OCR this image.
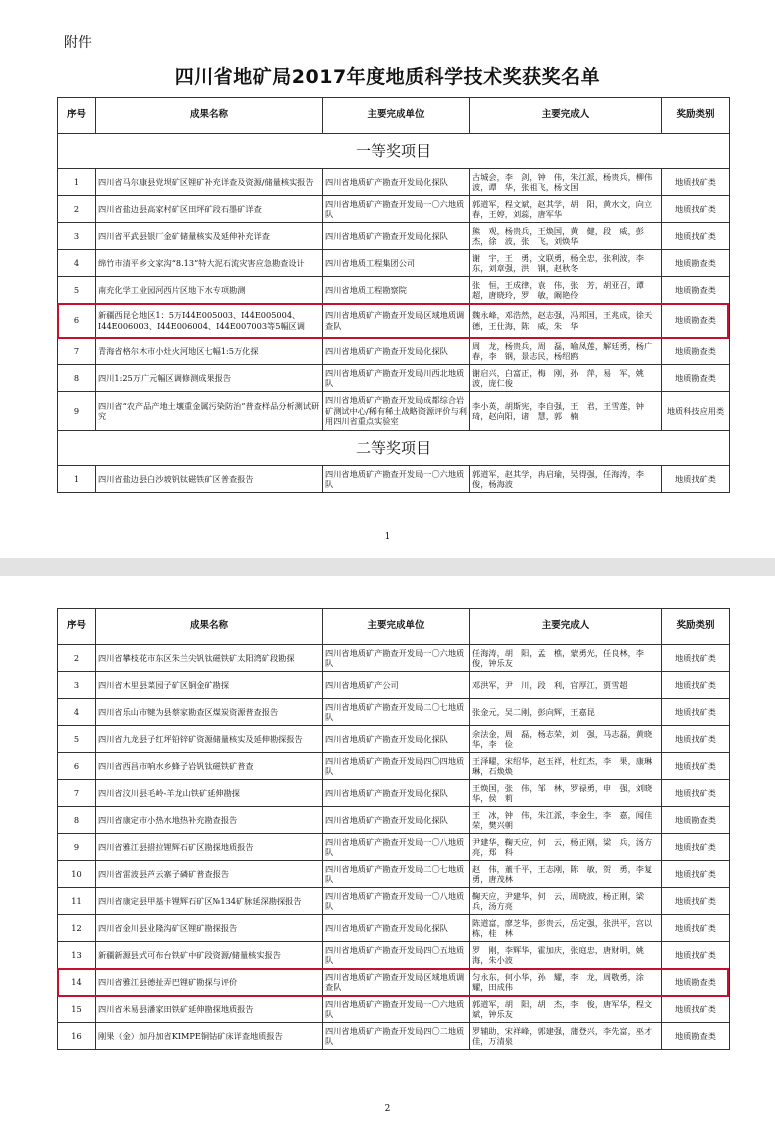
附件
四川省地矿局2017年度地质科学技术奖获奖名单
序号	成果名称	主要完成单位	主要完成人	奖励类别
一等奖项目				
1	四川省马尔康县党坝矿区锂矿补充详查及资源/储量核实报告	四川省地质矿产勘查开发局化探队	古城会，李　剑，钟　伟，朱江派，杨贵兵，柳伟波，谭　华，张祖飞，杨文国	地质找矿类
2	四川省盐边县高家村矿区田坪矿段石墨矿详查	四川省地质矿产勘查开发局一〇六地质队	郭道军，程文斌，赵其学，胡　阳，黄水文，向立春，王婷，刘蕊，唐军华	地质找矿类
3	四川省平武县银厂金矿储量核实及延伸补充详查	四川省地质矿产勘查开发局化探队	熊　观，杨贵兵，王焕国，黄　健，段　威，彭　杰，徐　波，张　飞，刘焕华	地质找矿类
4	绵竹市清平乡文家沟“8.13”特大泥石流灾害应急勘查设计	四川省地质工程集团公司	谢　宇，王　勇，文联勇，杨全忠，张利波，李　东，刘章强，洪　钢，赵秋冬	地质勘查类
5	南充化学工业园河西片区地下水专项勘测	四川省地质工程勘察院	张　恒，王成律，袁　伟，张　芳，胡亚召，谭　超，唐晓玲，罗　敏，阚艳伶	地质勘查类
6	新疆西昆仑地区1：5万I44E005003、I44E005004、I44E006003、I44E006004、I44E007003等5幅区调	四川省地质矿产勘查开发局区域地质调查队	魏永峰，邓浩然，赵志强，冯邦国，王兆成，徐天德，王仕海，陈　威，朱　华	地质勘查类
7	青海省格尔木市小灶火河地区七幅1:5万化探	四川省地质矿产勘查开发局化探队	周　龙，杨贵兵，周　磊，喻凤莲，解廷勇，杨广春，李　钢，景志民，杨绍鸥	地质勘查类
8	四川1:25万广元幅区调修测成果报告	四川省地质矿产勘查开发局川西北地质队	谢启兴，白富正，梅　刚，孙　萍，易　军，姚　波，庞仁俊	地质勘查类
9	四川省“农产品产地土壤重金属污染防治”普查样品分析测试研究	四川省地质矿产勘查开发局成都综合岩矿测试中心/稀有稀土战略资源评价与利用四川省重点实验室	李小英，胡斯宪，李自强，王　君，王雪莲，钟　琦，赵向阳，诸　慧，郭　楠	地质科技应用类
二等奖项目				
1	四川省盐边县白沙坡钒钛磁铁矿区普查报告	四川省地质矿产勘查开发局一〇六地质队	郭道军，赵其学，冉启瑜，吴得强，任海涛，李　俊，杨海波	地质找矿类
1
2
序号	成果名称	主要完成单位	主要完成人	奖励类别
2	四川省攀枝花市东区朱兰尖钒钛磁铁矿太阳湾矿段勘探	四川省地质矿产勘查开发局一〇六地质队	任海涛，胡　阳，孟　樵，蒙勇光，任良林，李　俊，钟乐友	地质找矿类
3	四川省木里县菜园子矿区铜金矿勘探	四川省地质矿产公司	邓洪军，尹　川，段　利，官厚江，贾雪超	地质找矿类
4	四川省乐山市犍为县蔡家勘查区煤炭资源普查报告	四川省地质矿产勘查开发局二〇七地质队	张金元，吴二刚，彭向辉，王嘉昆	地质找矿类
5	四川省九龙县子红坪铅锌矿资源储量核实及延伸勘探报告	四川省地质矿产勘查开发局化探队	余法金，周　磊，杨志荣，刘　强，马志磊，黄晓华，李　俭	地质找矿类
6	四川省西昌市响水乡蜂子岩钒钛磁铁矿普查	四川省地质矿产勘查开发局四〇四地质队	王泽曜，宋绍华，赵玉祥，杜红杰，李　果，康琳琳，石焕焕	地质找矿类
7	四川省汶川县毛岭-羊龙山铁矿延伸勘探	四川省地质矿产勘查开发局化探队	王焕国，张　伟，邹　林，罗禄勇，申　强，刘晓华，侯　莉	地质找矿类
8	四川省康定市小热水地热补充勘查报告	四川省地质矿产勘查开发局化探队	王　冰，钟　伟，朱江派，李金生，李　嘉，闻佳荣，樊兴朝	地质勘查类
9	四川省雅江县措拉锂辉石矿区勘探地质报告	四川省地质矿产勘查开发局一〇八地质队	尹建华，鞠天应，何　云，杨正刚，梁　兵，汤方亮，郑　科	地质找矿类
10	四川省雷波县芦云寨子磷矿普查报告	四川省地质矿产勘查开发局二〇七地质队	赵　伟，董千平，王志刚，陈　敏，贺　勇，李复勇，唐茂林	地质找矿类
11	四川省康定县甲基卡锂辉石矿区№134矿脉延深勘探报告	四川省地质矿产勘查开发局一〇八地质队	鞠天应，尹建华，何　云，周晓波，杨正刚，梁　兵，汤方亮	地质找矿类
12	四川省金川县业隆沟矿区锂矿勘探报告	四川省地质矿产勘查开发局化探队	陈道富，廖芝华，彭贵云，岳定强，张洪平，宫以栋，桂　林	地质找矿类
13	新疆新源县式可布台铁矿中矿段资源/储量核实报告	四川省地质矿产勘查开发局四〇五地质队	罗　刚，李辉华，霍加庆，张庭忠，唐财明，姚　海，朱小波	地质找矿类
14	四川省雅江县德扯弄巴锂矿勘探与评价	四川省地质矿产勘查开发局区域地质调查队	匀永东，何小华，孙　耀，李　龙，周敬勇，涂　耀，田成伟	地质勘查类
15	四川省米易县潘家田铁矿延伸勘探地质报告	四川省地质矿产勘查开发局一〇六地质队	郭道军，胡　阳，胡　杰，李　俊，唐军华，程文斌，钟乐友	地质找矿类
16	刚果（金）加丹加省KIMPE铜钴矿床详查地质报告	四川省地质矿产勘查开发局四〇二地质队	罗辅助，宋祥峰，郭建强，蒲登兴，李先富，巫才佳，万清泉	地质勘查类
